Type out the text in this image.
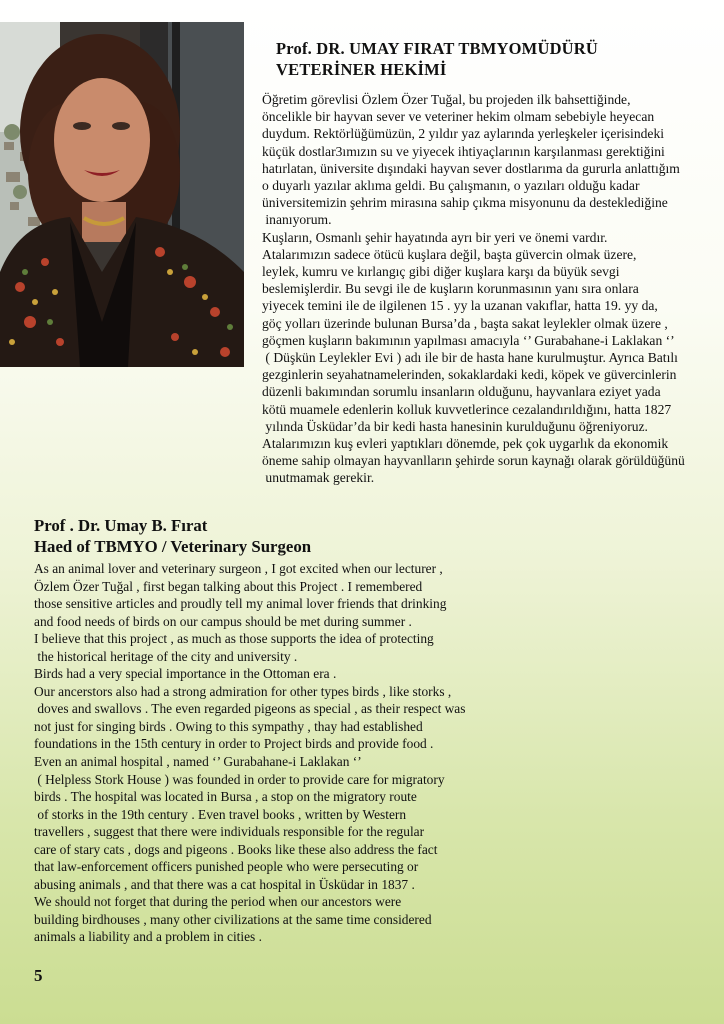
Prof. DR. UMAY FIRAT TBMYOMÜDÜRÜ
VETERİNER HEKİMİ
Öğretim görevlisi Özlem Özer Tuğal, bu projeden ilk bahsettiğinde,
öncelikle bir hayvan sever ve veteriner hekim olmam sebebiyle heyecan
duydum. Rektörlüğümüzün, 2 yıldır yaz aylarında yerleşkeler içerisindeki
küçük dostlar3ımızın su ve yiyecek ihtiyaçlarının karşılanması gerektiğini
hatırlatan, üniversite dışındaki hayvan sever dostlarıma da gururla anlattığım
o duyarlı yazılar aklıma geldi. Bu çalışmanın, o yazıları olduğu kadar
üniversitemizin şehrim mirasına sahip çıkma misyonunu da desteklediğine
inanıyorum.
Kuşların, Osmanlı şehir hayatında ayrı bir yeri ve önemi vardır.
Atalarımızın sadece ötücü kuşlara değil, başta güvercin olmak üzere,
leylek, kumru ve kırlangıç gibi diğer kuşlara karşı da büyük sevgi
beslemişlerdir. Bu sevgi ile de kuşların korunmasının yanı sıra onlara
yiyecek temini ile de ilgilenen 15 . yy la uzanan vakıflar, hatta 19. yy da,
göç yolları üzerinde bulunan Bursa’da , başta sakat leylekler olmak üzere ,
göçmen kuşların bakımının yapılması amacıyla ‘’ Gurabahane-i Laklakan ‘’
( Düşkün Leylekler Evi ) adı ile bir de hasta hane kurulmuştur. Ayrıca Batılı
gezginlerin seyahatnamelerinden, sokaklardaki kedi, köpek ve güvercinlerin
düzenli bakımından sorumlu insanların olduğunu, hayvanlara eziyet yada
kötü muamele edenlerin kolluk kuvvetlerince cezalandırıldığını, hatta 1827
yılında Üsküdar’da bir kedi hasta hanesinin kurulduğunu öğreniyoruz.
Atalarımızın kuş evleri yaptıkları dönemde, pek çok uygarlık da ekonomik
öneme sahip olmayan hayvanlların şehirde sorun kaynağı olarak görüldüğünü
unutmamak gerekir.
Prof . Dr. Umay B. Fırat
Haed of TBMYO / Veterinary Surgeon
As an animal lover and veterinary surgeon , I got excited when our lecturer ,
Özlem Özer Tuğal , first began talking about this Project . I remembered
those sensitive articles and proudly tell my animal lover friends that drinking
and food needs of birds on our campus should be met during summer .
I believe that this project , as much as those supports the idea of protecting
the historical heritage of the city and university .
Birds had a very special importance in the Ottoman era .
Our ancerstors also had a strong admiration for other types birds , like storks ,
doves and swallovs . The even regarded pigeons as special , as their respect was
not just for singing birds . Owing to this sympathy , thay had established
foundations in the 15th century in order to Project birds and provide food .
Even an animal hospital , named ‘’ Gurabahane-i Laklakan ‘’
( Helpless Stork House ) was founded in order to provide care for migratory
birds . The hospital was located in Bursa , a stop on the migratory route
of storks in the 19th century . Even travel books , written by Western
travellers , suggest that there were individuals responsible for the regular
care of stary cats , dogs and pigeons . Books like these also address the fact
that law-enforcement officers punished people who were persecuting or
abusing animals , and that there was a cat hospital in Üsküdar in 1837 .
We should not forget that during the period when our ancestors were
building birdhouses , many other civilizations at the same time considered
animals a liability and a problem in cities .
5
